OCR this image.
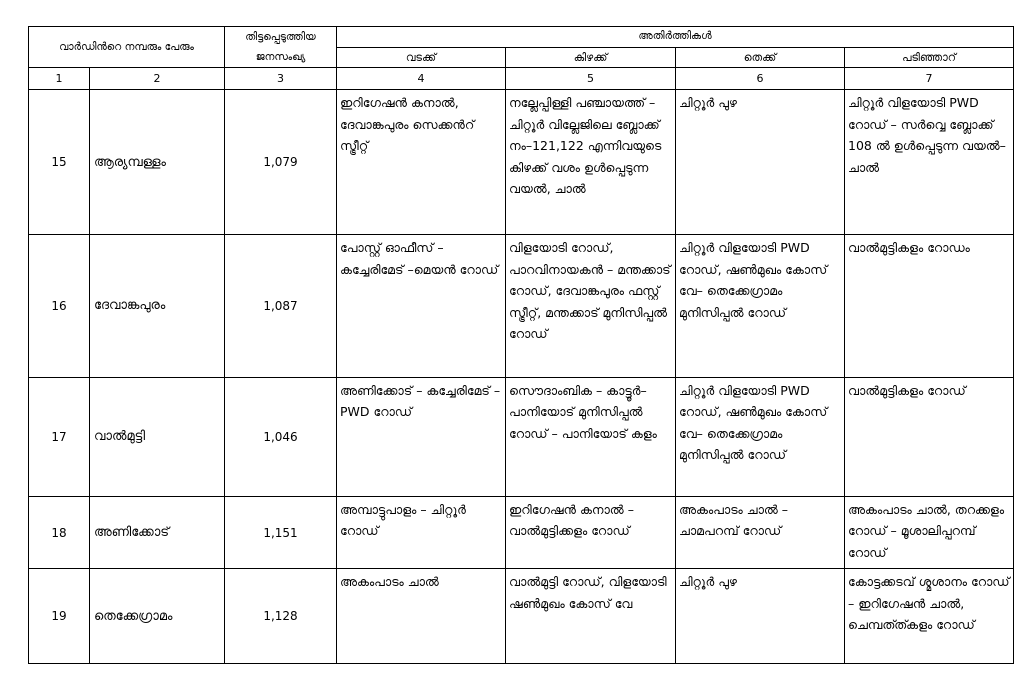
വാർഡിൻറെ നമ്പരും പേരും		തിട്ടപ്പെടുത്തിയ ജനസംഖ്യ	അതിർത്തികൾ			
			വടക്ക്	കിഴക്ക്	തെക്ക്	പടിഞ്ഞാറ്
1	2	3	4	5	6	7
15	ആര്യമ്പള്ളം	1,079	ഇറിഗേഷൻ കനാൽ, ദേവാങ്കപുരം സെക്കൻറ് സ്ട്രീറ്റ്	നല്ലേപ്പിള്ളി പഞ്ചായത്ത് – ചിറ്റൂർ വില്ലേജിലെ ബ്ലോക്ക് നം–121,122 എന്നിവയുടെ കിഴക്ക് വശം ഉൾപ്പെടുന്ന വയൽ, ചാൽ	ചിറ്റൂർ പുഴ	ചിറ്റൂർ വിളയോടി PWD റോഡ് – സർവ്വെ ബ്ലോക്ക് 108 ൽ ഉൾപ്പെടുന്ന വയൽ– ചാൽ
16	ദേവാങ്കപുരം	1,087	പോസ്റ്റ് ഓഫീസ് – കച്ചേരിമേട് –മെയൻ റോഡ്	വിളയോടി റോഡ്, പാറവിനായകൻ – മന്തക്കാട് റോഡ്, ദേവാങ്കപുരം ഫസ്റ്റ് സ്ട്രീറ്റ്, മന്തക്കാട് മുനിസിപ്പൽ റോഡ്	ചിറ്റൂർ വിളയോടി PWD റോഡ്, ഷൺമുഖം കോസ് വേ– തെക്കേഗ്രാമം മുനിസിപ്പൽ റോഡ്	വാൽമുട്ടികളം റോഡം
17	വാൽമുട്ടി	1,046	അണിക്കോട് – കച്ചേരിമേട് – PWD റോഡ്	സൌദാംബിക – കാട്ടൂർ– പാനിയോട് മുനിസിപ്പൽ റോഡ് – പാനിയോട് കളം	ചിറ്റൂർ വിളയോടി PWD റോഡ്, ഷൺമുഖം കോസ് വേ– തെക്കേഗ്രാമം മുനിസിപ്പൽ റോഡ്	വാൽമുട്ടികളം റോഡ്
18	അണിക്കോട്	1,151	അമ്പാട്ടുപാളം – ചിറ്റൂർ റോഡ്	ഇറിഗേഷൻ കനാൽ – വാൽമുട്ടിക്കളം റോഡ്	അകംപാടം ചാൽ – ചാമപറമ്പ് റോഡ്	അകംപാടം ചാൽ, തറക്കളം റോഡ് – മൂശാലിപ്പറമ്പ് റോഡ്
19	തെക്കേഗ്രാമം	1,128	അകംപാടം ചാൽ	വാൽമുട്ടി റോഡ്, വിളയോടി ഷൺമുഖം കോസ് വേ	ചിറ്റൂർ പുഴ	കോട്ടക്കടവ് ശ്മശാനം റോഡ് – ഇറിഗേഷൻ ചാൽ, ചെമ്പത്ത്കളം റോഡ്
